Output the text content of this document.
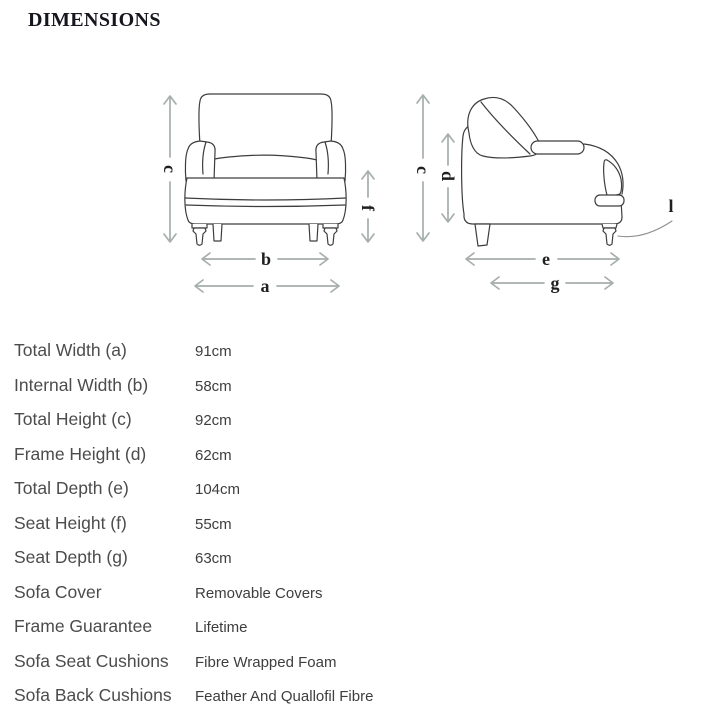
DIMENSIONS
c
f
b
a
c
d
e
g
l
Total Width (a)	91cm
Internal Width (b)	58cm
Total Height (c)	92cm
Frame Height (d)	62cm
Total Depth (e)	104cm
Seat Height (f)	55cm
Seat Depth (g)	63cm
Sofa Cover	Removable Covers
Frame Guarantee	Lifetime
Sofa Seat Cushions	Fibre Wrapped Foam
Sofa Back Cushions	Feather And Quallofil Fibre
